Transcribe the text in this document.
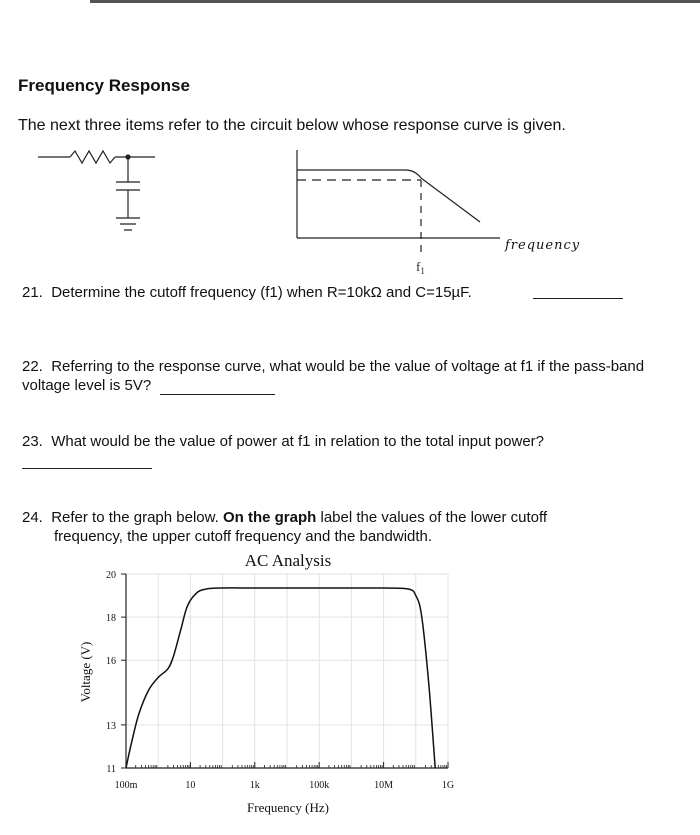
Frequency Response
The next three items refer to the circuit below whose response curve is given.
$f_1$
frequency
21. Determine the cutoff frequency (f1) when R=10kΩ and C=15µF.
22. Referring to the response curve, what would be the value of voltage at f1 if the pass-band
voltage level is 5V?
23. What would be the value of power at f1 in relation to the total input power?
24. Refer to the graph below. On the graph label the values of the lower cutoff
frequency, the upper cutoff frequency and the bandwidth.
AC Analysis
Frequency (Hz)
Voltage (V)
11
13
16
18
20
100m	10	1k	100k	10M	1G
